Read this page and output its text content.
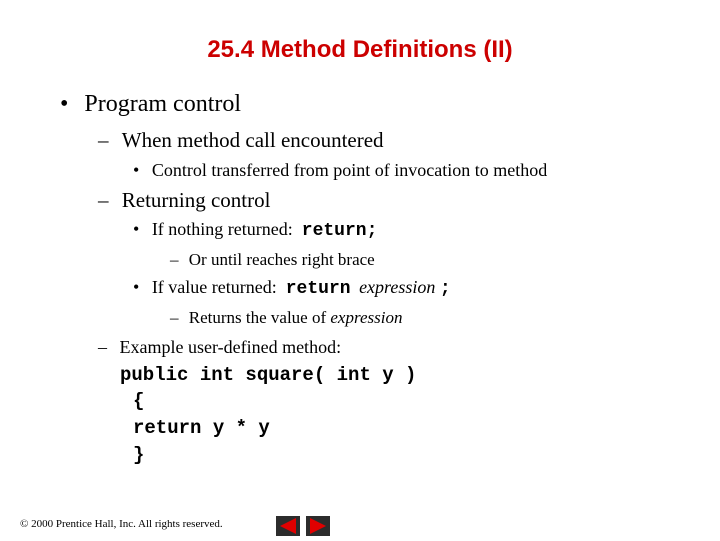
25.4 Method Definitions (II)
• Program control
– When method call encountered
• Control transferred from point of invocation to method
– Returning control
• If nothing returned:  return;
– Or until reaches right brace
• If value returned:  return expression ;
– Returns the value of expression
– Example user-defined method:
public int square( int y )
{
return y * y
}
© 2000 Prentice Hall, Inc. All rights reserved.
